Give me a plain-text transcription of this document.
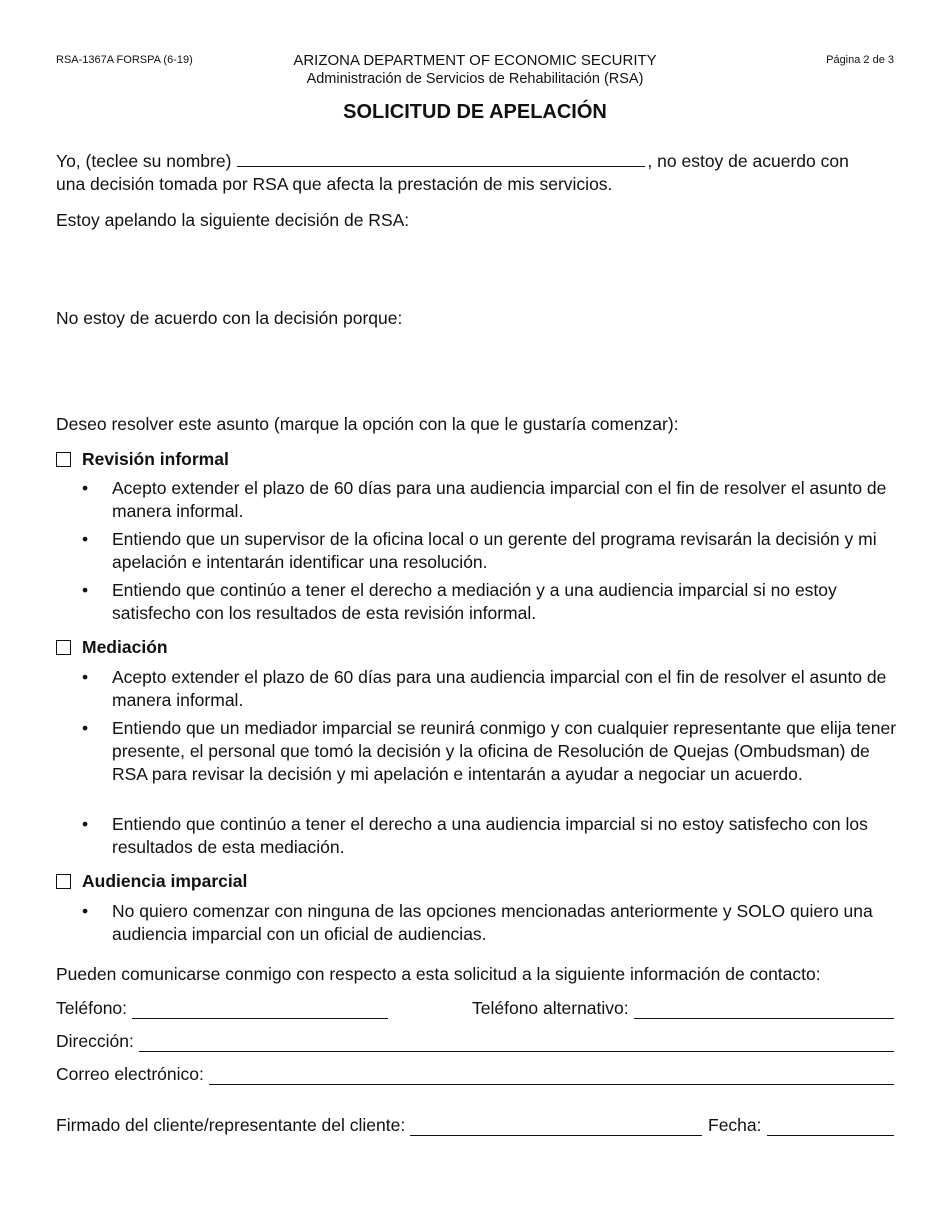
RSA-1367A FORSPA (6-19)	Página 2 de 3
ARIZONA DEPARTMENT OF ECONOMIC SECURITY
Administración de Servicios de Rehabilitación (RSA)
SOLICITUD DE APELACIÓN
Yo, (teclee su nombre)	, no estoy de acuerdo con
una decisión tomada por RSA que afecta la prestación de mis servicios.
Estoy apelando la siguiente decisión de RSA:
No estoy de acuerdo con la decisión porque:
Deseo resolver este asunto (marque la opción con la que le gustaría comenzar):
Revisión informal
•	Acepto extender el plazo de 60 días para una audiencia imparcial con el fin de resolver el asunto de manera informal.
•	Entiendo que un supervisor de la oficina local o un gerente del programa revisarán la decisión y mi apelación e intentarán identificar una resolución.
•	Entiendo que continúo a tener el derecho a mediación y a una audiencia imparcial si no estoy satisfecho con los resultados de esta revisión informal.
Mediación
•	Acepto extender el plazo de 60 días para una audiencia imparcial con el fin de resolver el asunto de manera informal.
•	Entiendo que un mediador imparcial se reunirá conmigo y con cualquier representante que elija tener presente, el personal que tomó la decisión y la oficina de Resolución de Quejas (Ombudsman) de RSA para revisar la decisión y mi apelación e intentarán a ayudar a negociar un acuerdo.
•	Entiendo que continúo a tener el derecho a una audiencia imparcial si no estoy satisfecho con los resultados de esta mediación.
Audiencia imparcial
•	No quiero comenzar con ninguna de las opciones mencionadas anteriormente y SOLO quiero una audiencia imparcial con un oficial de audiencias.
Pueden comunicarse conmigo con respecto a esta solicitud a la siguiente información de contacto:
Teléfono:	Teléfono alternativo:
Dirección:
Correo electrónico:
Firmado del cliente/representante del cliente:	Fecha:
